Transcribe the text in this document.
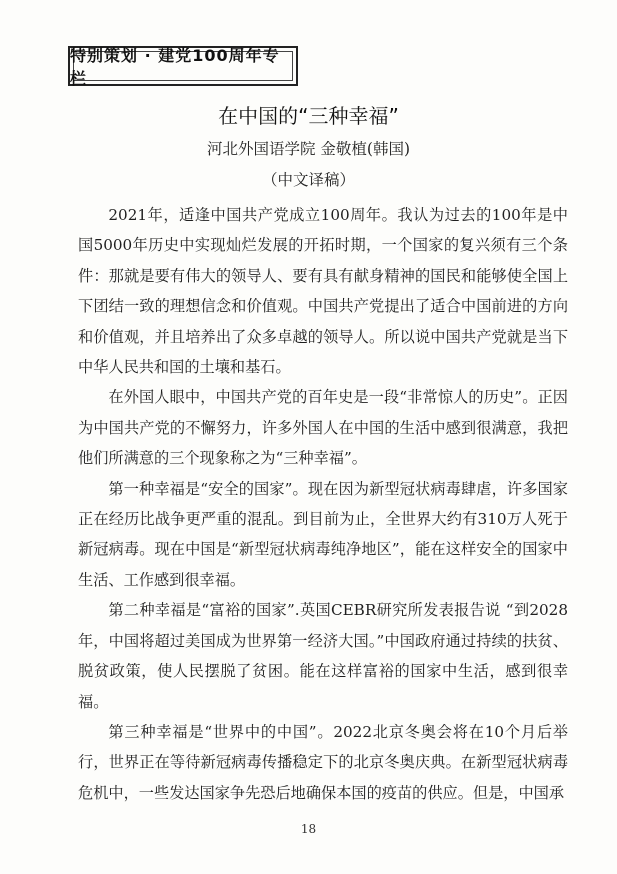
特别策划 · 建党100周年专栏
在中国的“三种幸福”
河北外国语学院 金敬植(韩国)
（中文译稿）

2021年，适逢中国共产党成立100周年。我认为过去的100年是中国5000年历史中实现灿烂发展的开拓时期，一个国家的复兴须有三个条件：那就是要有伟大的领导人、要有具有献身精神的国民和能够使全国上下团结一致的理想信念和价值观。中国共产党提出了适合中国前进的方向和价值观，并且培养出了众多卓越的领导人。所以说中国共产党就是当下中华人民共和国的土壤和基石。

在外国人眼中，中国共产党的百年史是一段“非常惊人的历史”。正因为中国共产党的不懈努力，许多外国人在中国的生活中感到很满意，我把他们所满意的三个现象称之为“三种幸福”。

第一种幸福是“安全的国家”。现在因为新型冠状病毒肆虐，许多国家正在经历比战争更严重的混乱。到目前为止，全世界大约有310万人死于新冠病毒。现在中国是“新型冠状病毒纯净地区”，能在这样安全的国家中生活、工作感到很幸福。

第二种幸福是“富裕的国家”.英国CEBR研究所发表报告说 “到2028年，中国将超过美国成为世界第一经济大国。”中国政府通过持续的扶贫、脱贫政策，使人民摆脱了贫困。能在这样富裕的国家中生活，感到很幸福。

第三种幸福是“世界中的中国”。2022北京冬奥会将在10个月后举行，世界正在等待新冠病毒传播稳定下的北京冬奥庆典。在新型冠状病毒危机中，一些发达国家争先恐后地确保本国的疫苗的供应。但是，中国承

18
